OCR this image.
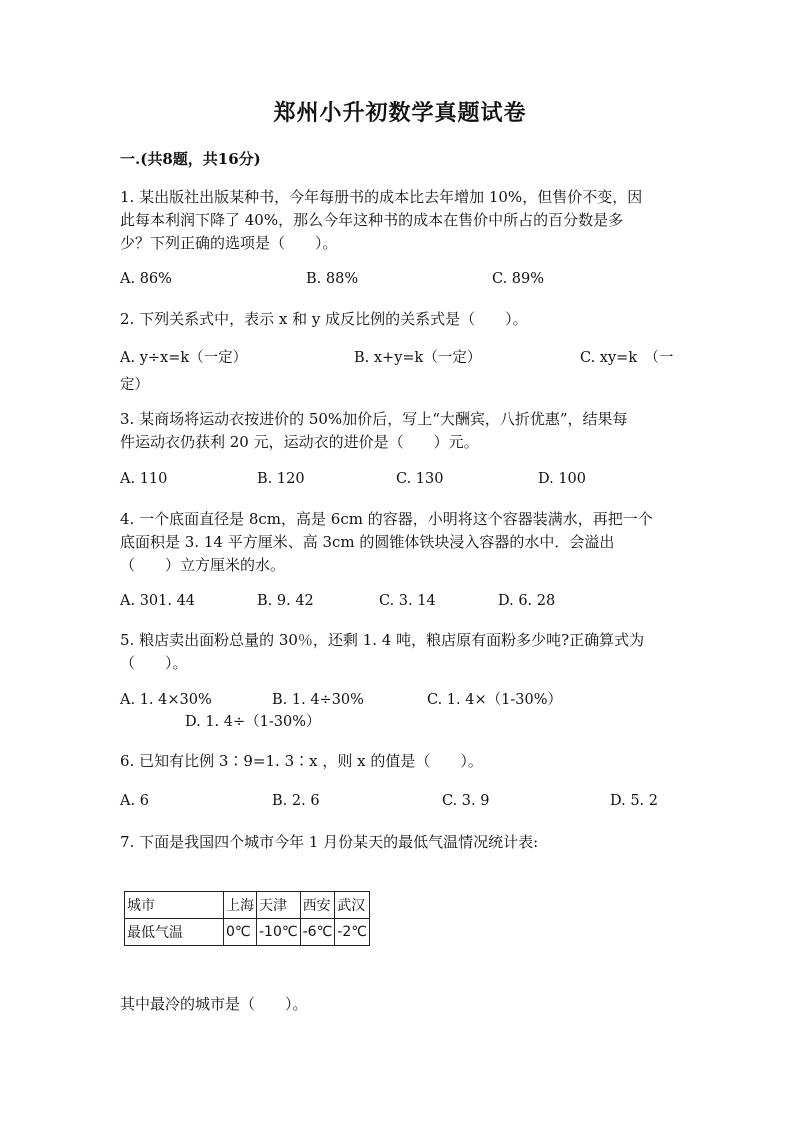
郑州小升初数学真题试卷
一.(共8题，共16分)
1. 某出版社出版某种书，今年每册书的成本比去年增加 10%，但售价不变，因
此每本利润下降了 40%，那么今年这种书的成本在售价中所占的百分数是多
少？下列正确的选项是（　　）。
A. 86%	B. 88%	C. 89%
2. 下列关系式中，表示 x 和 y 成反比例的关系式是（　　）。
A. y÷x=k（一定）	B. x+y=k（一定）	C. xy=k　（一
定）
3. 某商场将运动衣按进价的 50%加价后，写上“大酬宾，八折优惠”，结果每
件运动衣仍获利 20 元，运动衣的进价是（　　）元。
A. 110	B. 120	C. 130	D. 100
4. 一个底面直径是 8cm，高是 6cm 的容器，小明将这个容器装满水，再把一个
底面积是 3. 14 平方厘米、高 3cm 的圆锥体铁块浸入容器的水中．会溢出
（　　）立方厘米的水。
A. 301. 44	B. 9. 42	C. 3. 14	D. 6. 28
5. 粮店卖出面粉总量的 30％，还剩 1. 4 吨，粮店原有面粉多少吨?正确算式为
（　　）。
A. 1. 4×30%	B. 1. 4÷30%	C. 1. 4×（1-30%）
D. 1. 4÷（1-30%）
6. 已知有比例 3∶9=1. 3∶x ，则 x 的值是（　　）。
A. 6	B. 2. 6	C. 3. 9	D. 5. 2
7. 下面是我国四个城市今年 1 月份某天的最低气温情况统计表:
城市	上海	天津	西安	武汉
最低气温	0℃	-10℃	-6℃	-2℃
其中最冷的城市是（　　）。
